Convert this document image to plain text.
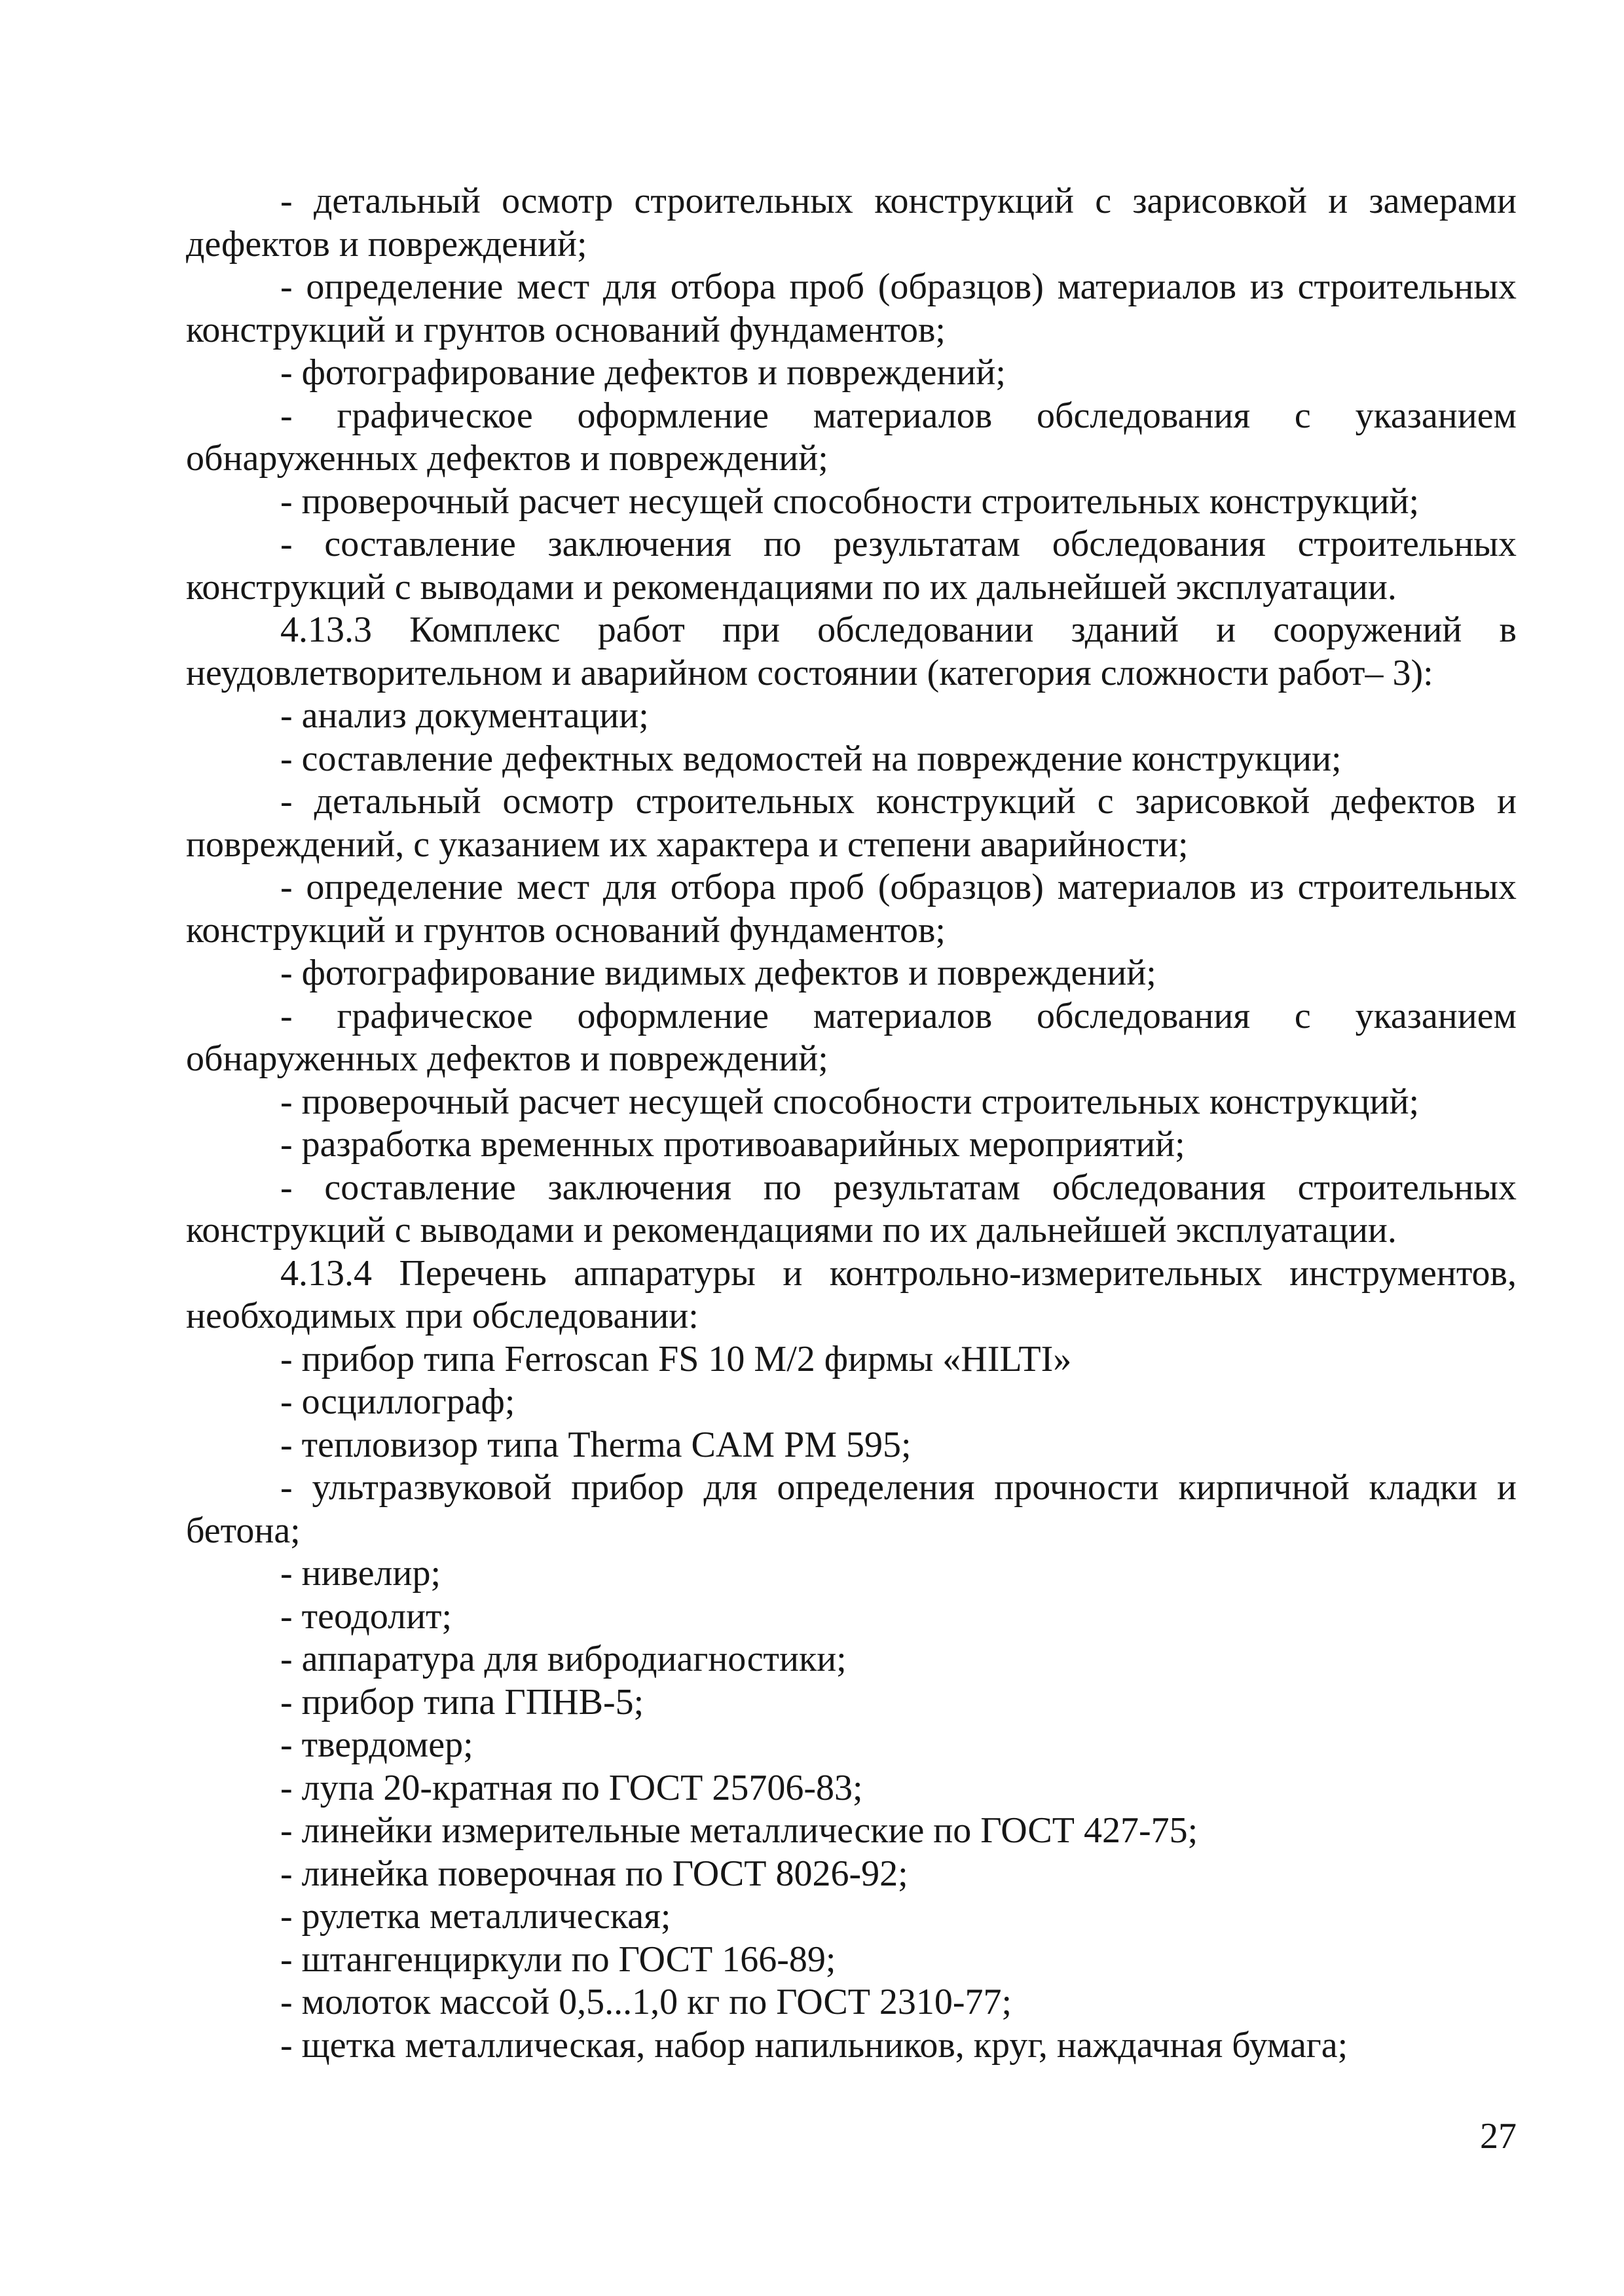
- детальный осмотр строительных конструкций с зарисовкой и замерами дефектов и повреждений;

- определение мест для отбора проб (образцов) материалов из строительных конструкций и грунтов оснований фундаментов;

- фотографирование дефектов и повреждений;

- графическое оформление материалов обследования с указанием обнаруженных дефектов и повреждений;

- проверочный расчет несущей способности строительных конструкций;

- составление заключения по результатам обследования строительных конструкций с выводами и рекомендациями по их дальнейшей эксплуатации.

4.13.3 Комплекс работ при обследовании зданий и сооружений в неудовлетворительном и аварийном состоянии (категория сложности работ– 3):

- анализ документации;

- составление дефектных ведомостей на повреждение конструкции;

- детальный осмотр строительных конструкций с зарисовкой дефектов и повреждений, с указанием их характера и степени аварийности;

- определение мест для отбора проб (образцов) материалов из строительных конструкций и грунтов оснований фундаментов;

- фотографирование видимых дефектов и повреждений;

- графическое оформление материалов обследования с указанием обнаруженных дефектов и повреждений;

- проверочный расчет несущей способности строительных конструкций;

- разработка временных противоаварийных мероприятий;

- составление заключения по результатам обследования строительных конструкций с выводами и рекомендациями по их дальнейшей эксплуатации.

4.13.4 Перечень аппаратуры и контрольно-измерительных инструментов, необходимых при обследовании:

- прибор типа Ferroscan FS 10 M/2 фирмы «HILTI»

- осциллограф;

- тепловизор типа Therma CAM PM 595;

- ультразвуковой прибор для определения прочности кирпичной кладки и бетона;

- нивелир;

- теодолит;

- аппаратура для вибродиагностики;

- прибор типа ГПНВ-5;

- твердомер;

- лупа 20-кратная по ГОСТ 25706-83;

- линейки измерительные металлические по ГОСТ 427-75;

- линейка поверочная по ГОСТ 8026-92;

- рулетка металлическая;

- штангенциркули по ГОСТ 166-89;

- молоток массой 0,5...1,0 кг по ГОСТ 2310-77;

- щетка металлическая, набор напильников, круг, наждачная бумага;

27
